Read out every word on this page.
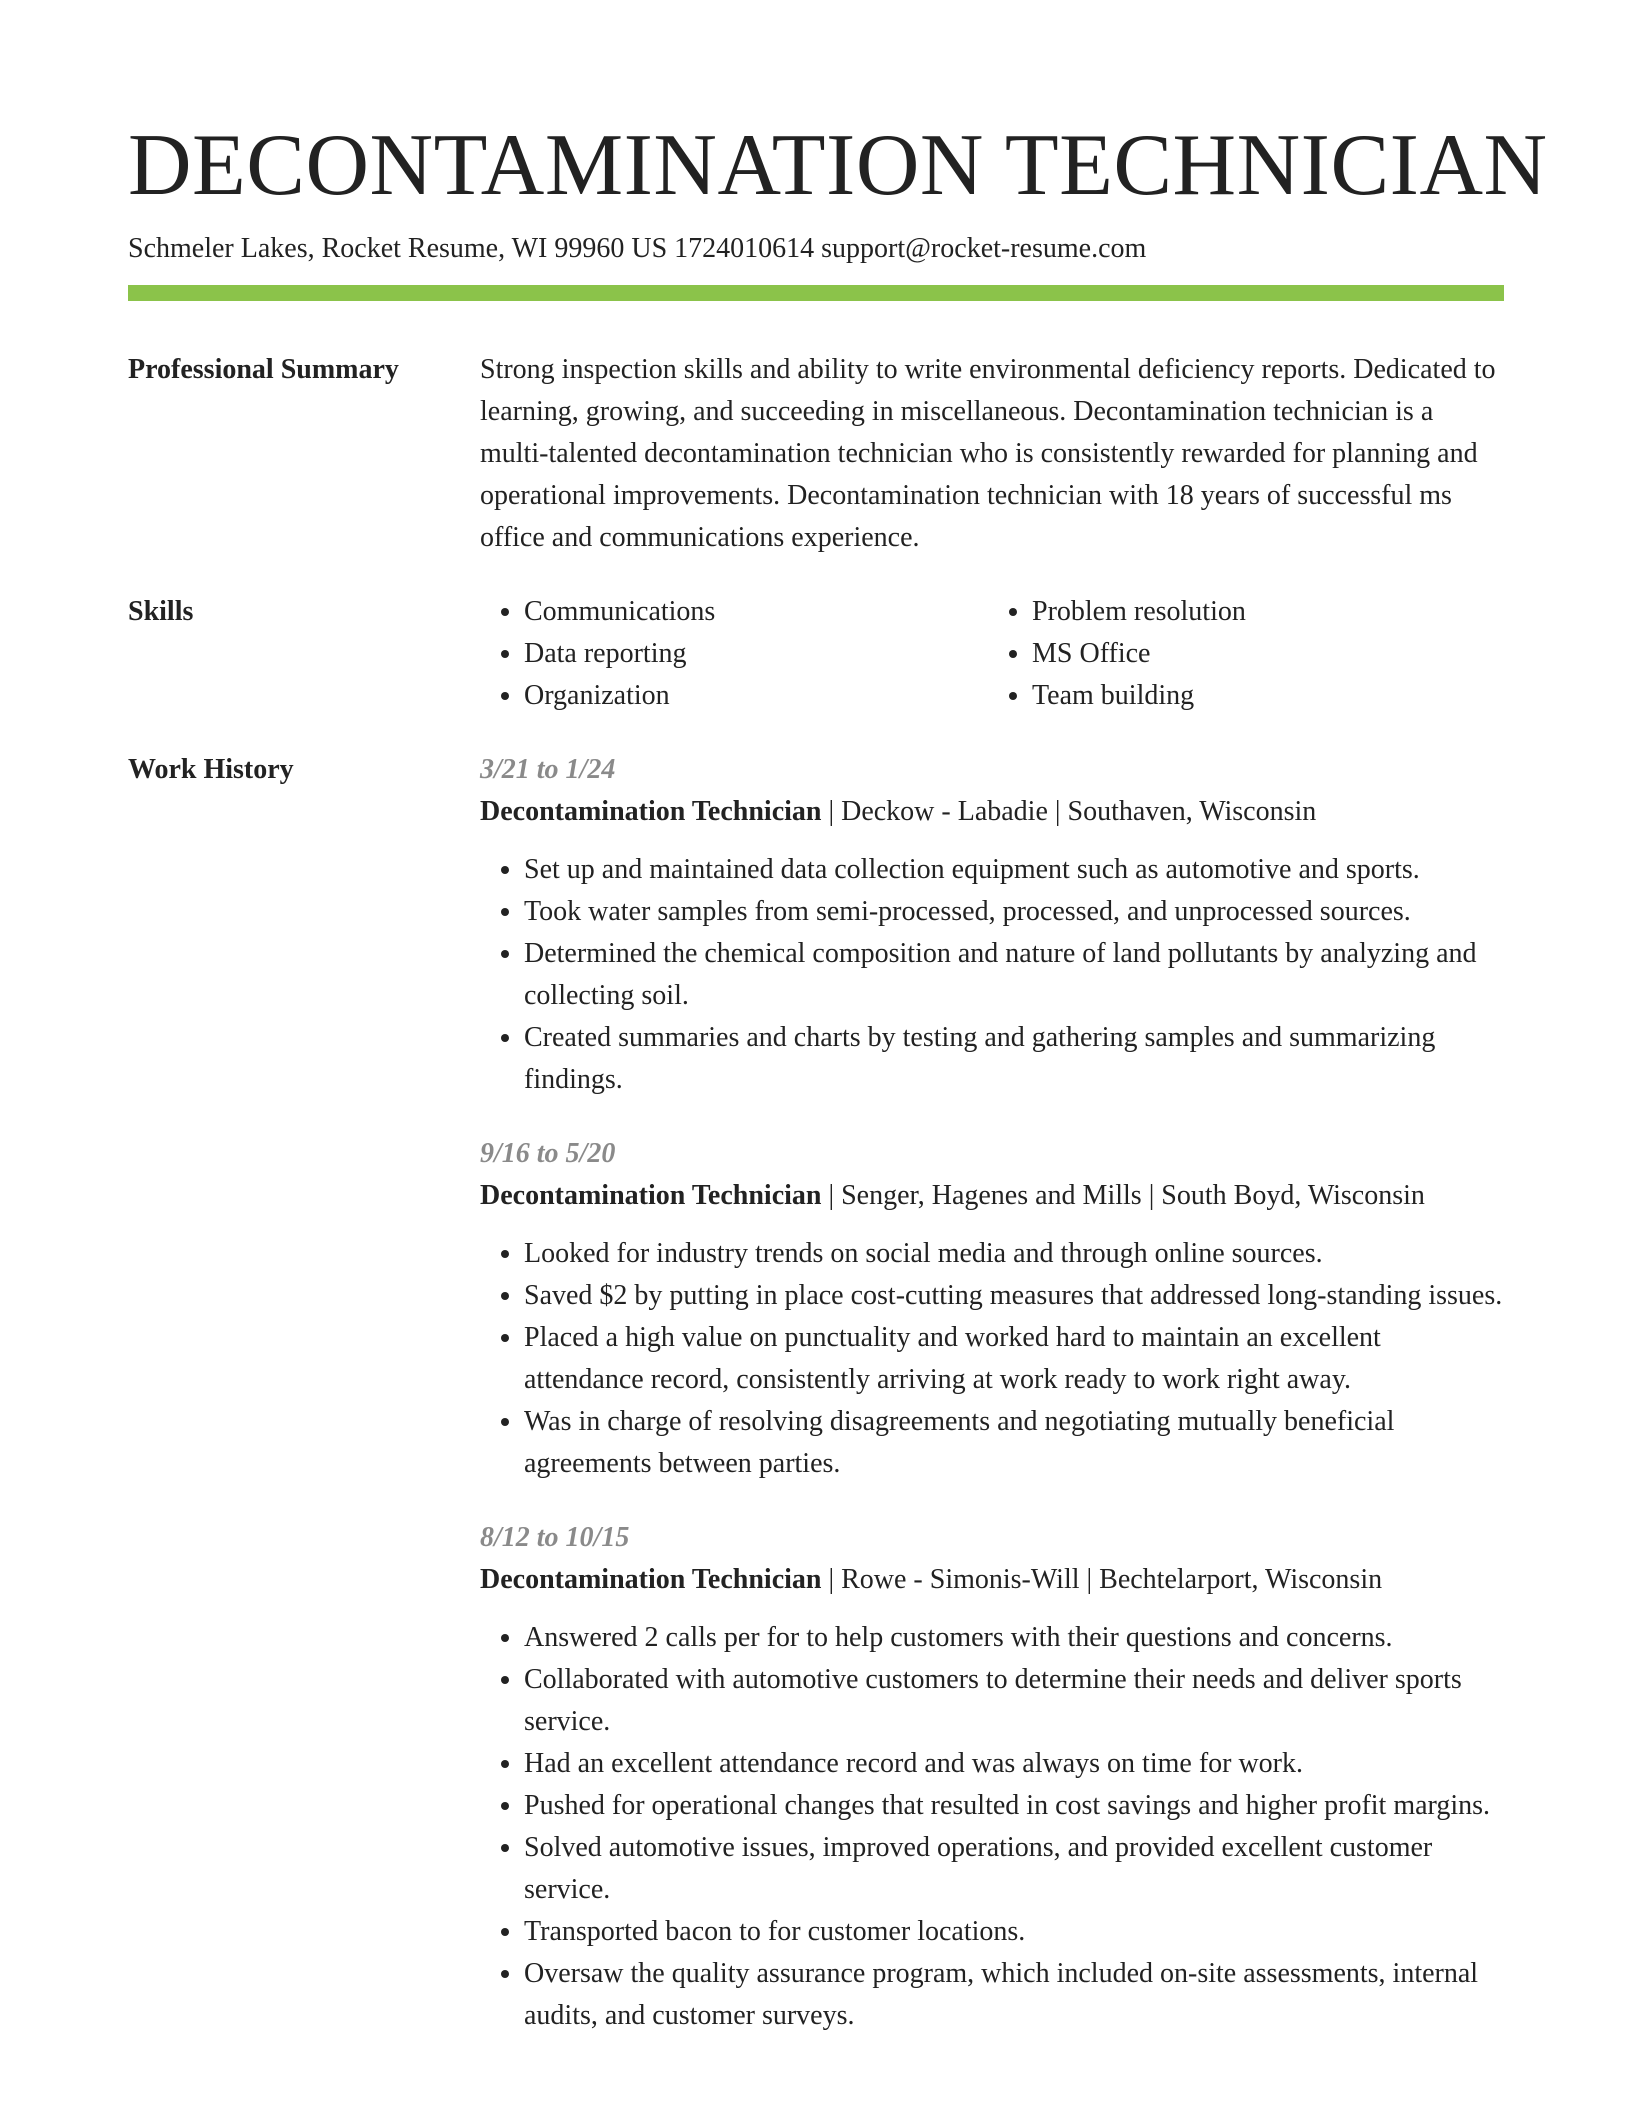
DECONTAMINATION TECHNICIAN
Schmeler Lakes, Rocket Resume, WI 99960 US 1724010614 support@rocket-resume.com
Professional Summary	Strong inspection skills and ability to write environmental deficiency reports. Dedicated to learning, growing, and succeeding in miscellaneous. Decontamination technician is a multi-talented decontamination technician who is consistently rewarded for planning and operational improvements. Decontamination technician with 18 years of successful ms office and communications experience.

Skills
•	Communications
• Data reporting
• Organization
• Problem resolution
• MS Office
• Team building
Work History	3/21 to 1/24
Decontamination Technician | Deckow - Labadie | Southaven, Wisconsin
• Set up and maintained data collection equipment such as automotive and sports.
• Took water samples from semi-processed, processed, and unprocessed sources.
• Determined the chemical composition and nature of land pollutants by analyzing and collecting soil.
• Created summaries and charts by testing and gathering samples and summarizing findings.
9/16 to 5/20
Decontamination Technician | Senger, Hagenes and Mills | South Boyd, Wisconsin
• Looked for industry trends on social media and through online sources.
• Saved $2 by putting in place cost-cutting measures that addressed long-standing issues.
• Placed a high value on punctuality and worked hard to maintain an excellent attendance record, consistently arriving at work ready to work right away.
• Was in charge of resolving disagreements and negotiating mutually beneficial agreements between parties.
8/12 to 10/15
Decontamination Technician | Rowe - Simonis-Will | Bechtelarport, Wisconsin
• Answered 2 calls per for to help customers with their questions and concerns.
• Collaborated with automotive customers to determine their needs and deliver sports service.
• Had an excellent attendance record and was always on time for work.
• Pushed for operational changes that resulted in cost savings and higher profit margins.
• Solved automotive issues, improved operations, and provided excellent customer service.
• Transported bacon to for customer locations.
• Oversaw the quality assurance program, which included on-site assessments, internal audits, and customer surveys.
